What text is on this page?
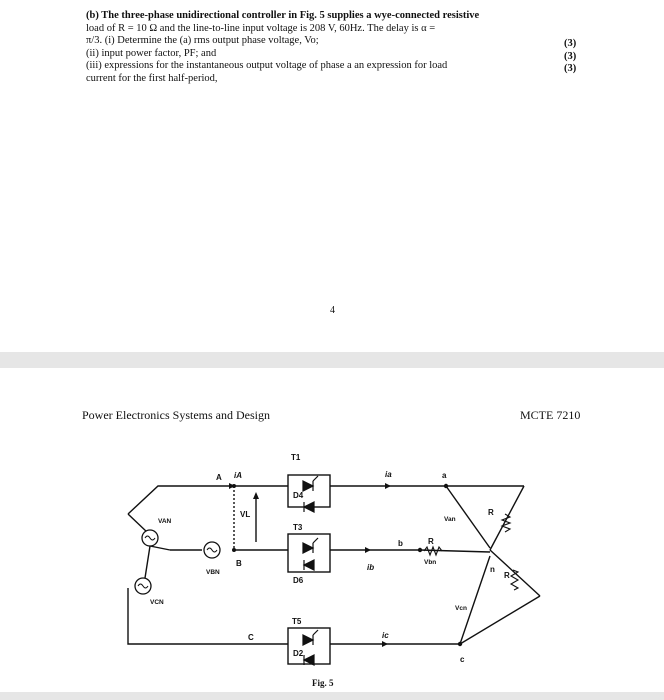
(b) The three-phase unidirectional controller in Fig. 5 supplies a wye-connected resistive
load of R = 10 Ω and the line-to-line input voltage is 208 V, 60Hz. The delay is α =
π/3. (i) Determine the (a) rms output phase voltage, Vo;
(ii) input power factor, PF; and
(iii) expressions for the instantaneous output voltage of phase a an expression for load
current for the first half-period,
(3)
(3)
(3)
4
Power Electronics Systems and Design	MCTE 7210
A iA
VL
B
C
VAN
VBN
VCN
T1
T3
T5
D4
D6
D2
ia
ib
ic
a
b
c
n
R
R
R
Van
Vbn
Vcn
Fig. 5
